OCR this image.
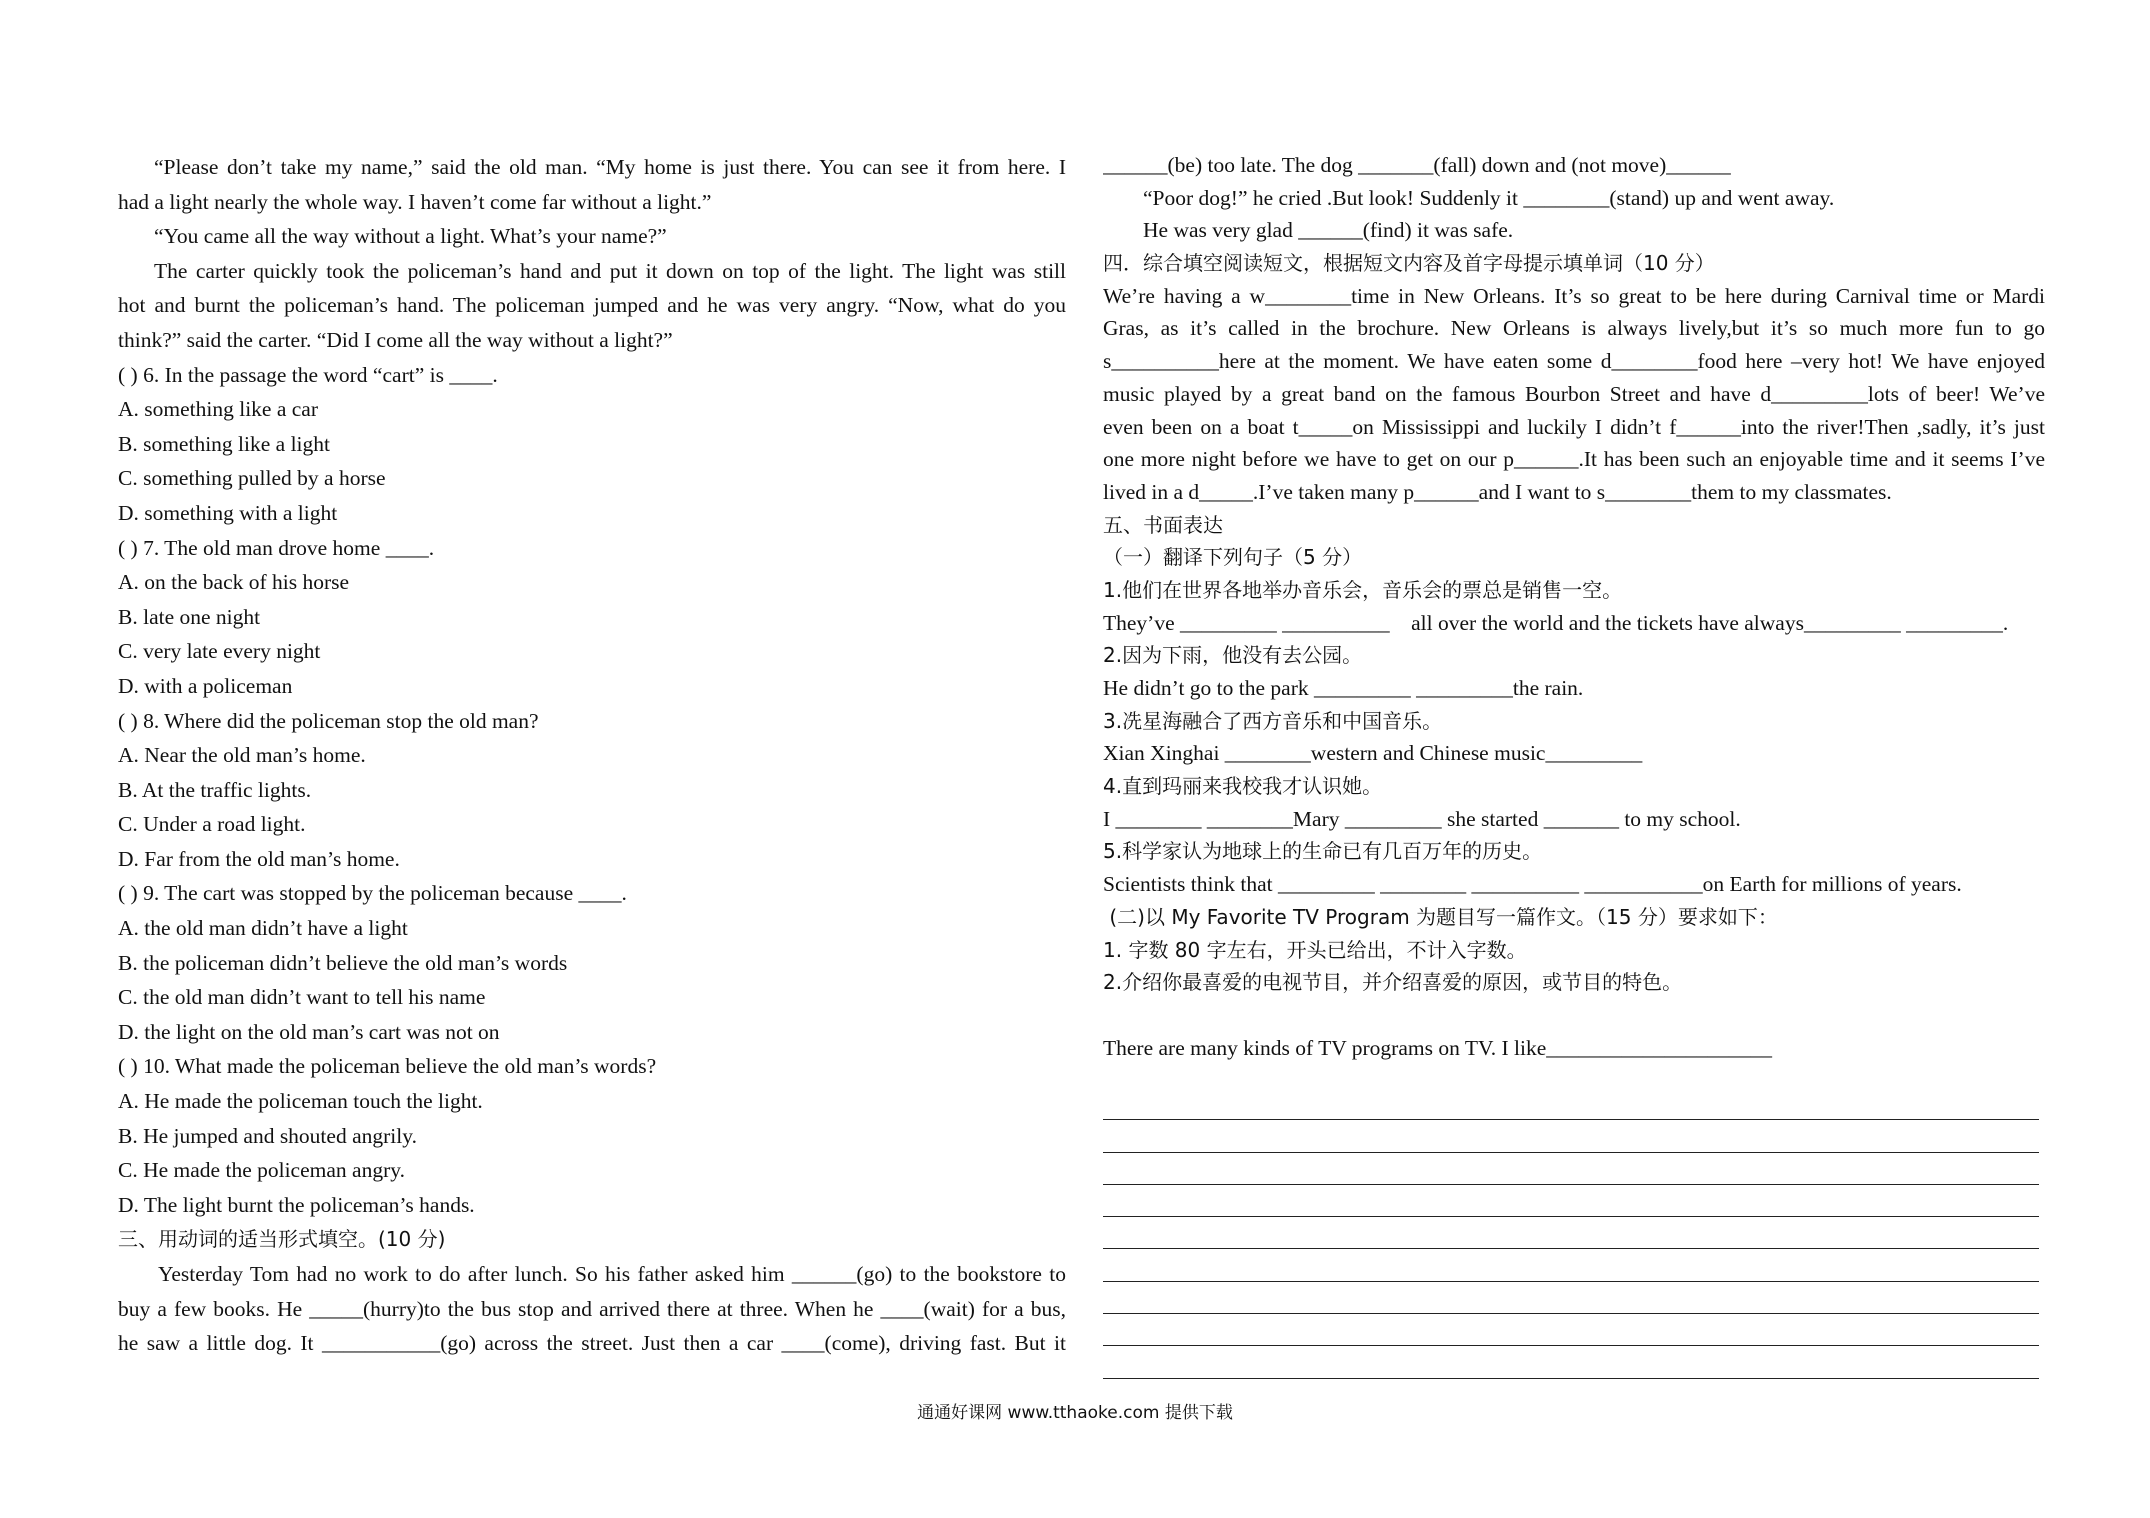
“Please don’t take my name,” said the old man. “My home is just there. You can see it from here. I
had a light nearly the whole way. I haven’t come far without a light.”
“You came all the way without a light. What’s your name?”
The carter quickly took the policeman’s hand and put it down on top of the light. The light was still
hot and burnt the policeman’s hand. The policeman jumped and he was very angry. “Now, what do you
think?” said the carter. “Did I come all the way without a light?”
( ) 6. In the passage the word “cart” is ____.
A. something like a car
B. something like a light
C. something pulled by a horse
D. something with a light
( ) 7. The old man drove home ____.
A. on the back of his horse
B. late one night
C. very late every night
D. with a policeman
( ) 8. Where did the policeman stop the old man?
A. Near the old man’s home.
B. At the traffic lights.
C. Under a road light.
D. Far from the old man’s home.
( ) 9. The cart was stopped by the policeman because ____.
A. the old man didn’t have a light
B. the policeman didn’t believe the old man’s words
C. the old man didn’t want to tell his name
D. the light on the old man’s cart was not on
( ) 10. What made the policeman believe the old man’s words?
A. He made the policeman touch the light.
B. He jumped and shouted angrily.
C. He made the policeman angry.
D. The light burnt the policeman’s hands.
三、用动词的适当形式填空。(10 分)
Yesterday Tom had no work to do after lunch. So his father asked him ______(go) to the bookstore to
buy a few books. He _____(hurry)to the bus stop and arrived there at three. When he ____(wait) for a bus,
he saw a little dog. It ___________(go) across the street. Just then a car ____(come), driving fast. But it
______(be) too late. The dog _______(fall) down and (not move)______
“Poor dog!” he cried .But look! Suddenly it ________(stand) up and went away.
He was very glad ______(find) it was safe.
四．综合填空阅读短文，根据短文内容及首字母提示填单词（10 分）
We’re having a w________time in New Orleans. It’s so great to be here during Carnival time or Mardi
Gras, as it’s called in the brochure. New Orleans is always lively,but it’s so much more fun to go
s__________here at the moment. We have eaten some d________food here –very hot! We have enjoyed
music played by a great band on the famous Bourbon Street and have d_________lots of beer! We’ve
even been on a boat t_____on Mississippi and luckily I didn’t f______into the river!Then ,sadly, it’s just
one more night before we have to get on our p______.It has been such an enjoyable time and it seems I’ve
lived in a d_____.I’ve taken many p______and I want to s________them to my classmates.
五、书面表达
（一）翻译下列句子（5 分）
1.他们在世界各地举办音乐会，音乐会的票总是销售一空。
They’ve _________ __________    all over the world and the tickets have always_________ _________.
2.因为下雨，他没有去公园。
He didn’t go to the park _________ _________the rain.
3.冼星海融合了西方音乐和中国音乐。
Xian Xinghai ________western and Chinese music_________
4.直到玛丽来我校我才认识她。
I ________ ________Mary _________ she started _______ to my school.
5.科学家认为地球上的生命已有几百万年的历史。
Scientists think that _________ ________ __________ ___________on Earth for millions of years.
(二)以 My Favorite TV Program 为题目写一篇作文。（15 分）要求如下：
1. 字数 80 字左右，开头已给出，不计入字数。
2.介绍你最喜爱的电视节目，并介绍喜爱的原因，或节目的特色。
There are many kinds of TV programs on TV. I like_____________________
通通好课网 www.tthaoke.com 提供下载
